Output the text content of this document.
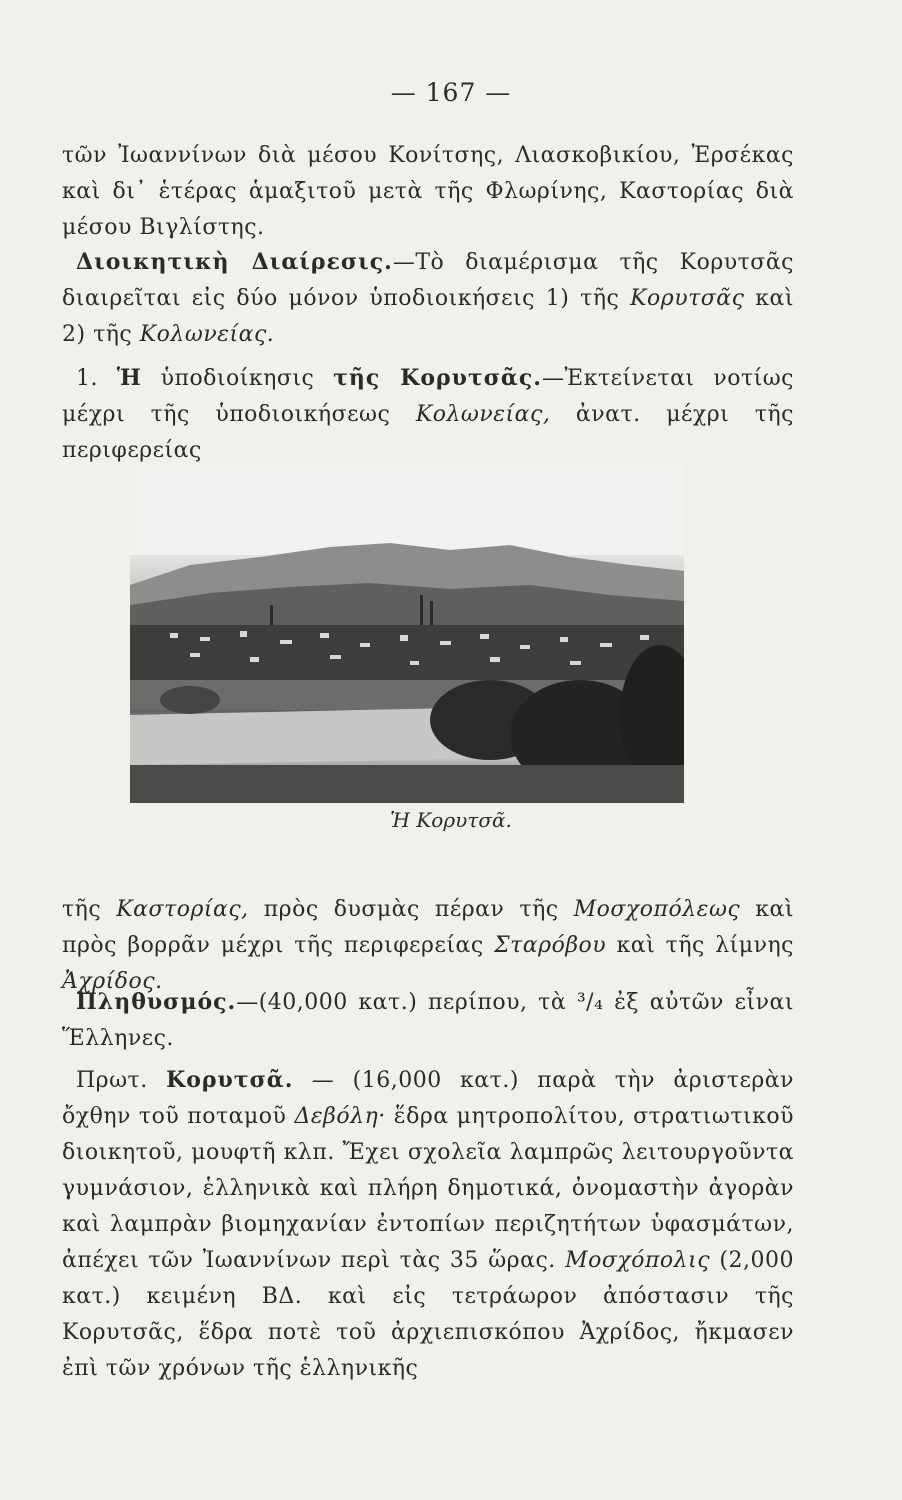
— 167 —
τῶν Ἰωαννίνων διὰ μέσου Κονίτσης, Λιασκοβικίου, Ἐρσέκας καὶ δι᾿ ἑτέρας ἁμαξιτοῦ μετὰ τῆς Φλωρίνης, Καστορίας διὰ μέσου Βιγλίστης.
Διοικητικὴ Διαίρεσις.—Τὸ διαμέρισμα τῆς Κορυτσᾶς διαιρεῖται εἰς δύο μόνον ὑποδιοικήσεις 1) τῆς Κορυτσᾶς καὶ 2) τῆς Κολωνείας.
1. Ἡ ὑποδιοίκησις τῆς Κορυτσᾶς.—Ἐκτείνεται νοτίως μέχρι τῆς ὑποδιοικήσεως Κολωνείας, ἀνατ. μέχρι τῆς περιφερείας
Ἡ Κορυτσᾶ.
τῆς Καστορίας, πρὸς δυσμὰς πέραν τῆς Μοσχοπόλεως καὶ πρὸς βορρᾶν μέχρι τῆς περιφερείας Σταρόβου καὶ τῆς λίμνης Ἀχρίδος.
Πληθυσμός.—(40,000 κατ.) περίπου, τὰ ³/₄ ἐξ αὐτῶν εἶναι Ἕλληνες.
Πρωτ. Κορυτσᾶ. — (16,000 κατ.) παρὰ τὴν ἀριστερὰν ὄχθην τοῦ ποταμοῦ Δεβόλη· ἕδρα μητροπολίτου, στρατιωτικοῦ διοικητοῦ, μουφτῆ κλπ. Ἔχει σχολεῖα λαμπρῶς λειτουργοῦντα γυμνάσιον, ἑλληνικὰ καὶ πλήρη δημοτικά, ὀνομαστὴν ἀγορὰν καὶ λαμπρὰν βιομηχανίαν ἐντοπίων περιζητήτων ὑφασμάτων, ἀπέχει τῶν Ἰωαννίνων περὶ τὰς 35 ὥρας. Μοσχόπολις (2,000 κατ.) κειμένη ΒΔ. καὶ εἰς τετράωρον ἀπόστασιν τῆς Κορυτσᾶς, ἕδρα ποτὲ τοῦ ἀρχιεπισκόπου Ἀχρίδος, ἤκμασεν ἐπὶ τῶν χρόνων τῆς ἑλληνικῆς
